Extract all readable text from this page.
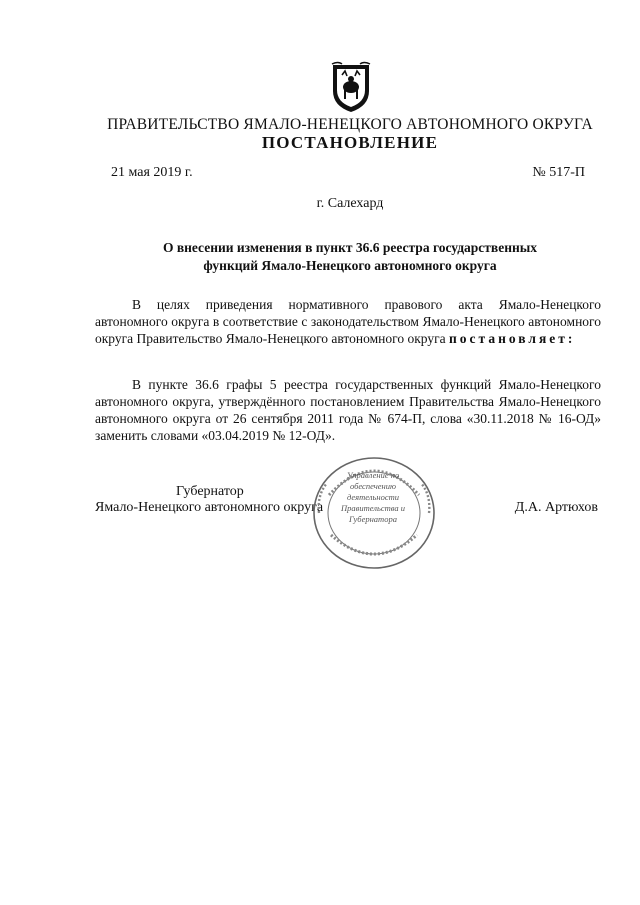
ПРАВИТЕЛЬСТВО ЯМАЛО-НЕНЕЦКОГО АВТОНОМНОГО ОКРУГА
ПОСТАНОВЛЕНИЕ
21 мая 2019 г.	№ 517-П
г. Салехард
О внесении изменения в пункт 36.6 реестра государственных
функций Ямало-Ненецкого автономного округа
В целях приведения нормативного правового акта Ямало-Ненецкого автономного округа в соответствие с законодательством Ямало-Ненецкого автономного округа Правительство Ямало-Ненецкого автономного округа постановляет:
В пункте 36.6 графы 5 реестра государственных функций Ямало-Ненецкого автономного округа, утверждённого постановлением Правительства Ямало-Ненецкого автономного округа от 26 сентября 2011 года № 674-П, слова «30.11.2018 № 16-ОД» заменить словами «03.04.2019 № 12-ОД».
Губернатор
Ямало-Ненецкого автономного округа	Д.А. Артюхов
Управление по обеспечению деятельности Правительства и Губернатора
